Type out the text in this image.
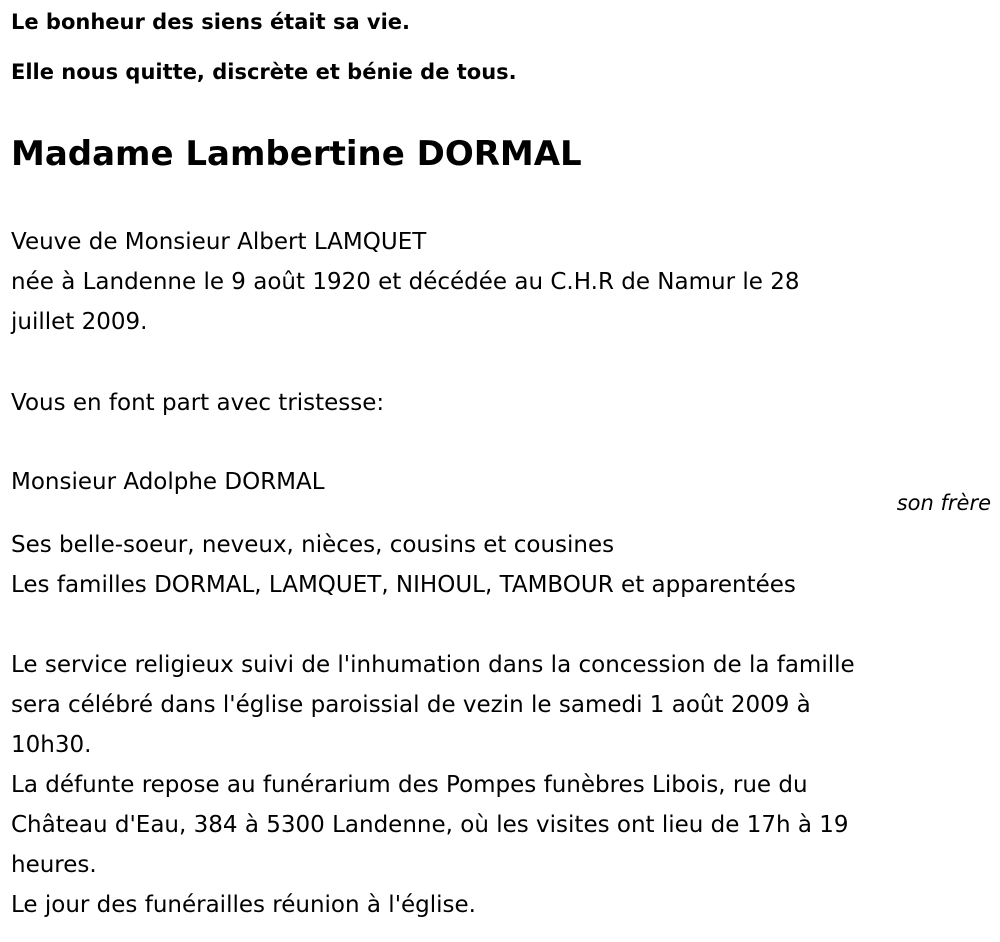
Le bonheur des siens était sa vie.

Elle nous quitte, discrète et bénie de tous.

Madame Lambertine DORMAL
Veuve de Monsieur Albert LAMQUET
née à Landenne le 9 août 1920 et décédée au C.H.R de Namur le 28
juillet 2009.

Vous en font part avec tristesse:

Monsieur Adolphe DORMAL

son frère
Ses belle-soeur, neveux, nièces, cousins et cousines
Les familles DORMAL, LAMQUET, NIHOUL, TAMBOUR et apparentées
Le service religieux suivi de l'inhumation dans la concession de la famille
sera célébré dans l'église paroissial de vezin le samedi 1 août 2009 à
10h30.
La défunte repose au funérarium des Pompes funèbres Libois, rue du
Château d'Eau, 384 à 5300 Landenne, où les visites ont lieu de 17h à 19
heures.
Le jour des funérailles réunion à l'église.
